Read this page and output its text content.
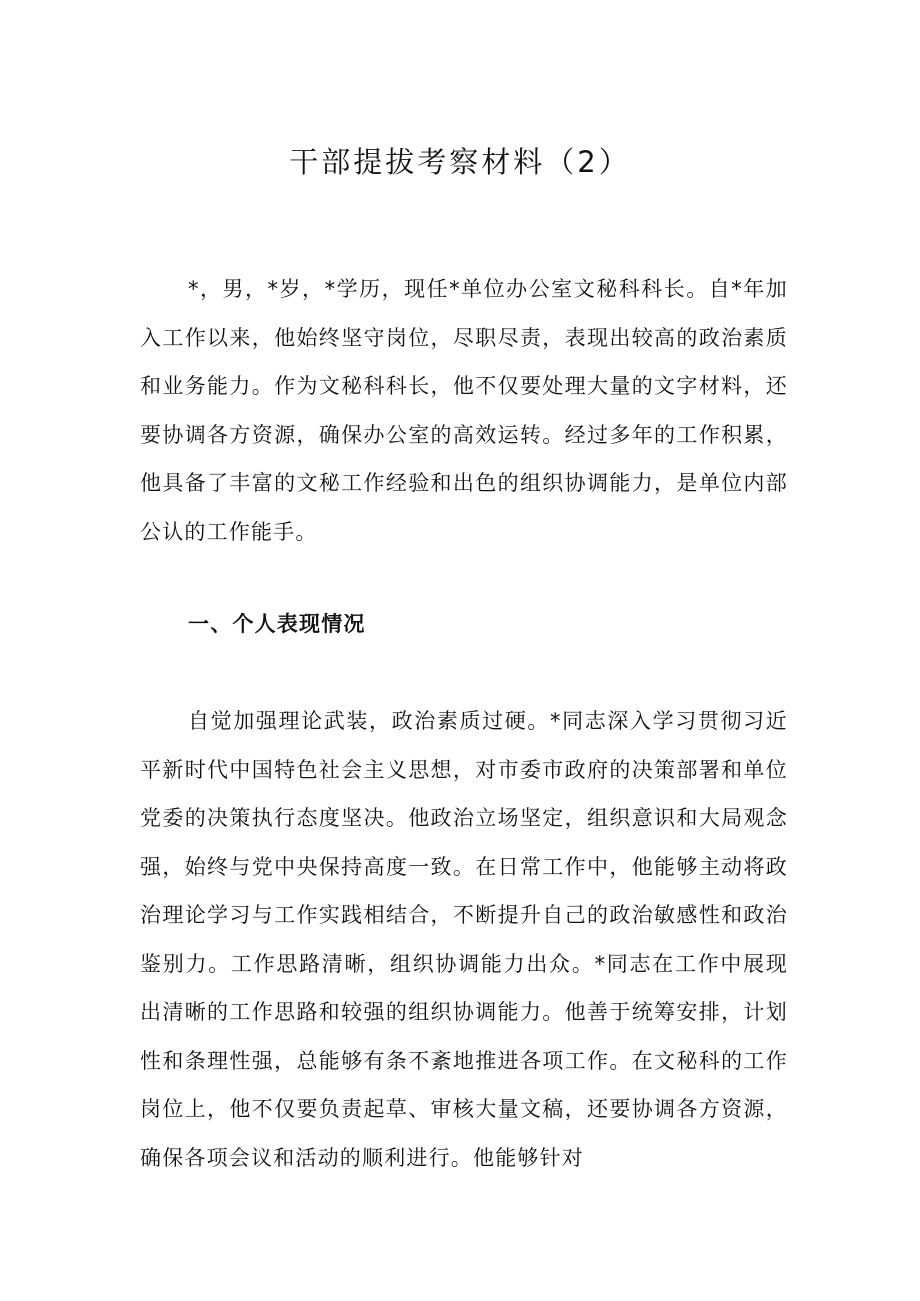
干部提拔考察材料（2）

*，男，*岁，*学历，现任*单位办公室文秘科科长。自*年加入工作以来，他始终坚守岗位，尽职尽责，表现出较高的政治素质和业务能力。作为文秘科科长，他不仅要处理大量的文字材料，还要协调各方资源，确保办公室的高效运转。经过多年的工作积累，他具备了丰富的文秘工作经验和出色的组织协调能力，是单位内部公认的工作能手。

一、个人表现情况

自觉加强理论武装，政治素质过硬。*同志深入学习贯彻习近平新时代中国特色社会主义思想，对市委市政府的决策部署和单位党委的决策执行态度坚决。他政治立场坚定，组织意识和大局观念强，始终与党中央保持高度一致。在日常工作中，他能够主动将政治理论学习与工作实践相结合，不断提升自己的政治敏感性和政治鉴别力。工作思路清晰，组织协调能力出众。*同志在工作中展现出清晰的工作思路和较强的组织协调能力。他善于统筹安排，计划性和条理性强，总能够有条不紊地推进各项工作。在文秘科的工作岗位上，他不仅要负责起草、审核大量文稿，还要协调各方资源，确保各项会议和活动的顺利进行。他能够针对
